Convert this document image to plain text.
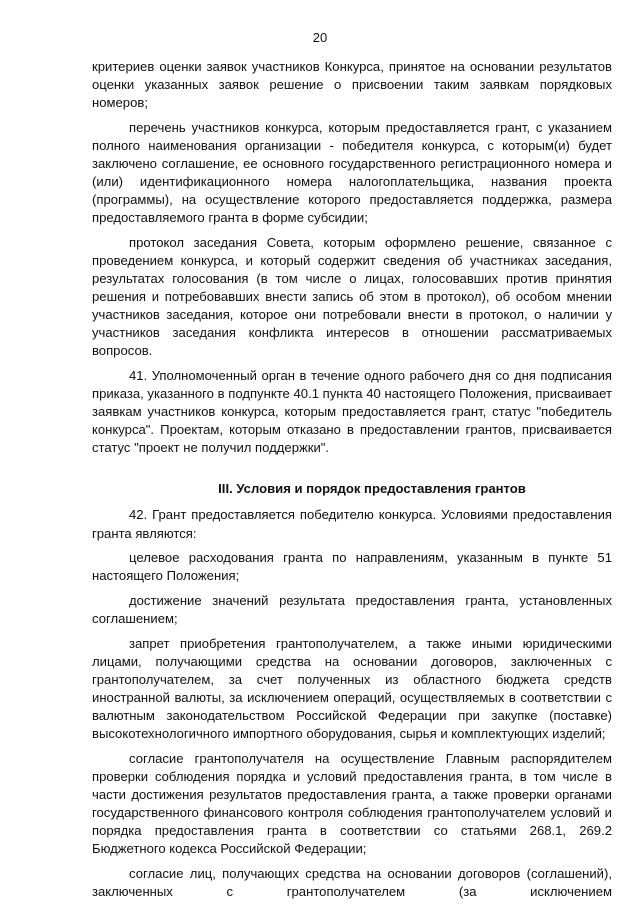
20

критериев оценки заявок участников Конкурса, принятое на основании результатов оценки указанных заявок решение о присвоении таким заявкам порядковых номеров;

перечень участников конкурса, которым предоставляется грант, с указанием полного наименования организации - победителя конкурса, с которым(и) будет заключено соглашение, ее основного государственного регистрационного номера и (или) идентификационного номера налогоплательщика, названия проекта (программы), на осуществление которого предоставляется поддержка, размера предоставляемого гранта в форме субсидии;

протокол заседания Совета, которым оформлено решение, связанное с проведением конкурса, и который содержит сведения об участниках заседания, результатах голосования (в том числе о лицах, голосовавших против принятия решения и потребовавших внести запись об этом в протокол), об особом мнении участников заседания, которое они потребовали внести в протокол, о наличии у участников заседания конфликта интересов в отношении рассматриваемых вопросов.

41. Уполномоченный орган в течение одного рабочего дня со дня подписания приказа, указанного в подпункте 40.1 пункта 40 настоящего Положения, присваивает заявкам участников конкурса, которым предоставляется грант, статус "победитель конкурса". Проектам, которым отказано в предоставлении грантов, присваивается статус "проект не получил поддержки".

III. Условия и порядок предоставления грантов

42. Грант предоставляется победителю конкурса. Условиями предоставления гранта являются:

целевое расходования гранта по направлениям, указанным в пункте 51 настоящего Положения;

достижение значений результата предоставления гранта, установленных соглашением;

запрет приобретения грантополучателем, а также иными юридическими лицами, получающими средства на основании договоров, заключенных с грантополучателем, за счет полученных из областного бюджета средств иностранной валюты, за исключением операций, осуществляемых в соответствии с валютным законодательством Российской Федерации при закупке (поставке) высокотехнологичного импортного оборудования, сырья и комплектующих изделий;

согласие грантополучателя на осуществление Главным распорядителем проверки соблюдения порядка и условий предоставления гранта, в том числе в части достижения результатов предоставления гранта, а также проверки органами государственного финансового контроля соблюдения грантополучателем условий и порядка предоставления гранта в соответствии со статьями 268.1, 269.2 Бюджетного кодекса Российской Федерации;

согласие лиц, получающих средства на основании договоров (соглашений), заключенных с грантополучателем (за исключением
